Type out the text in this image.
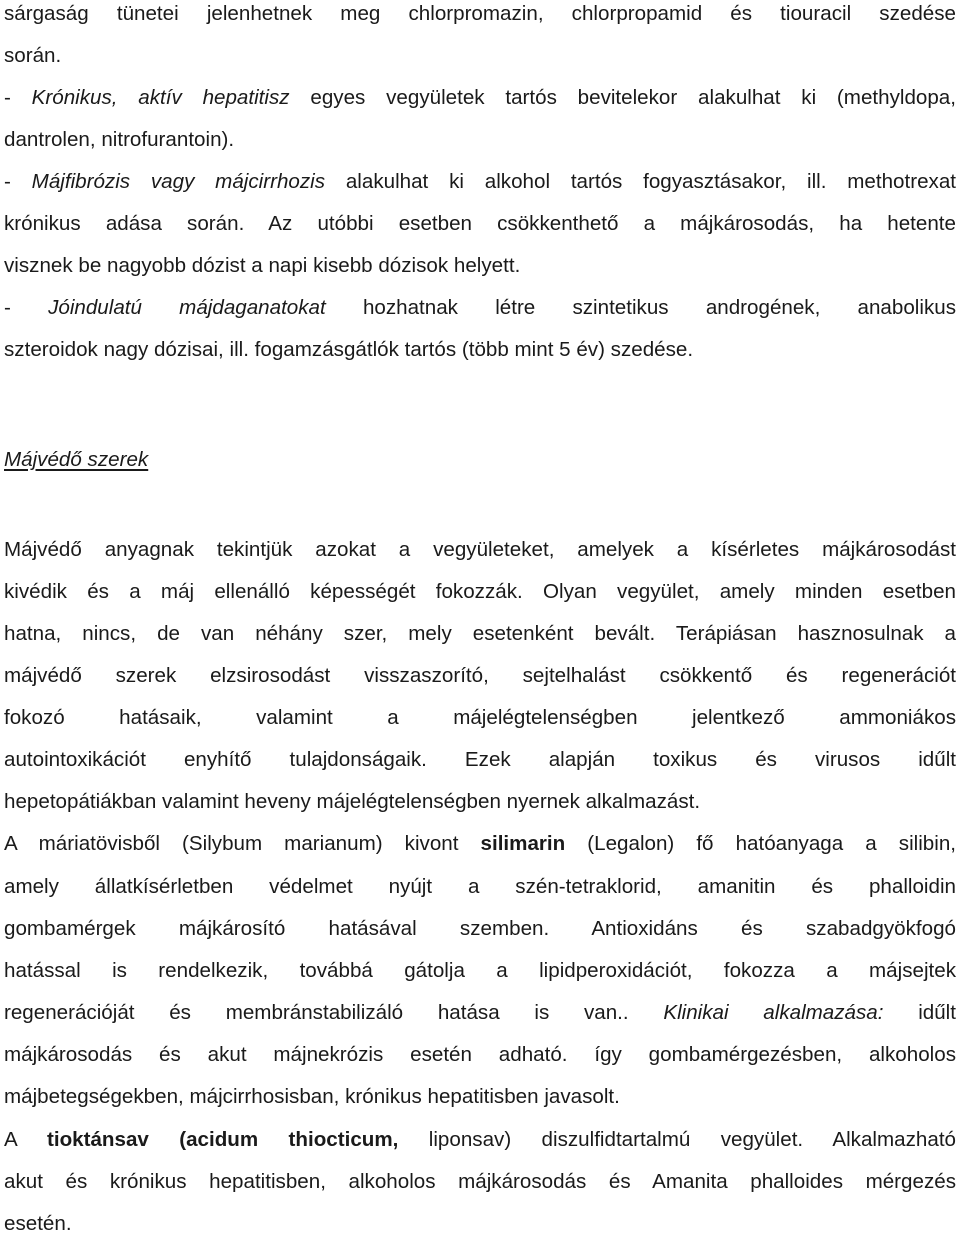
sárgaság tünetei jelenhetnek meg chlorpromazin, chlorpropamid és tiouracil szedése

során.

- Krónikus, aktív hepatitisz egyes vegyületek tartós bevitelekor alakulhat ki (methyldopa,

dantrolen, nitrofurantoin).

- Májfibrózis vagy májcirrhozis alakulhat ki alkohol tartós fogyasztásakor, ill. methotrexat

krónikus adása során. Az utóbbi esetben csökkenthető a májkárosodás, ha hetente

visznek be nagyobb dózist a napi kisebb dózisok helyett.

- Jóindulatú májdaganatokat hozhatnak létre szintetikus androgének, anabolikus

szteroidok nagy dózisai, ill. fogamzásgátlók tartós (több mint 5 év) szedése.

Májvédő szerek

Májvédő anyagnak tekintjük azokat a vegyületeket, amelyek a kísérletes májkárosodást

kivédik és a máj ellenálló képességét fokozzák. Olyan vegyület, amely minden esetben

hatna, nincs, de van néhány szer, mely esetenként bevált. Terápiásan hasznosulnak a

májvédő szerek elzsirosodást visszaszorító, sejtelhalást csökkentő és regenerációt

fokozó hatásaik, valamint a májelégtelenségben jelentkező ammoniákos

autointoxikációt enyhítő tulajdonságaik. Ezek alapján toxikus és virusos idűlt

hepetopátiákban valamint heveny májelégtelenségben nyernek alkalmazást.

A máriatövisből (Silybum marianum) kivont silimarin (Legalon) fő hatóanyaga a silibin,

amely állatkísérletben védelmet nyújt a szén-tetraklorid, amanitin és phalloidin

gombamérgek májkárosító hatásával szemben. Antioxidáns és szabadgyökfogó

hatással is rendelkezik, továbbá gátolja a lipidperoxidációt, fokozza a májsejtek

regenerációját és membránstabilizáló hatása is van.. Klinikai alkalmazása: idűlt

májkárosodás és akut májnekrózis esetén adható. így gombamérgezésben, alkoholos

májbetegségekben, májcirrhosisban, krónikus hepatitisben javasolt.

A tioktánsav (acidum thiocticum, liponsav) diszulfidtartalmú vegyület. Alkalmazható

akut és krónikus hepatitisben, alkoholos májkárosodás és Amanita phalloides mérgezés

esetén.
